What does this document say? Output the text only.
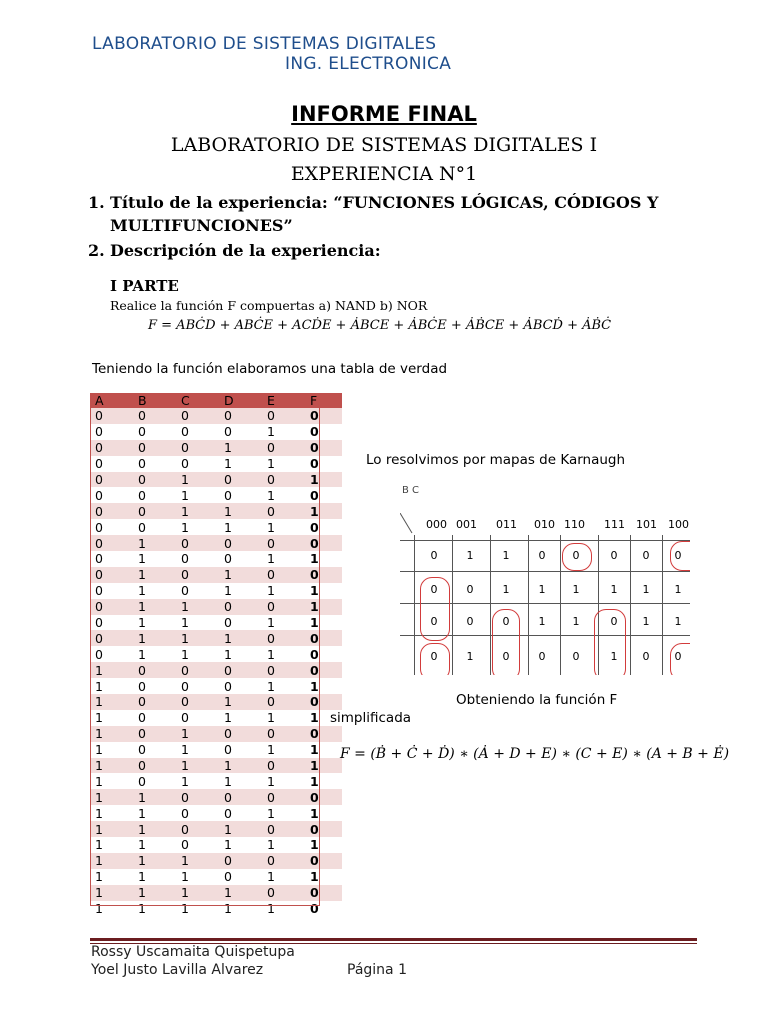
LABORATORIO DE SISTEMAS DIGITALES
ING. ELECTRONICA
INFORME FINAL
LABORATORIO DE SISTEMAS DIGITALES I
EXPERIENCIA N°1
1. Título de la experiencia: “FUNCIONES LÓGICAS, CÓDIGOS Y
MULTIFUNCIONES”
2. Descripción de la experiencia:
I PARTE
Realice la función F compuertas a) NAND b) NOR
F = ABĊD + ABĊE + ACḊE + ȦBCE + ȦBĊE + ȦḂCE + ȦBCḊ + ȦḂĊ
Teniendo la función elaboramos una tabla de verdad
A	B	C	D	E	F
0	0	0	0	0	0
0	0	0	0	1	0
0	0	0	1	0	0
0	0	0	1	1	0
0	0	1	0	0	1
0	0	1	0	1	0
0	0	1	1	0	1
0	0	1	1	1	0
0	1	0	0	0	0
0	1	0	0	1	1
0	1	0	1	0	0
0	1	0	1	1	1
0	1	1	0	0	1
0	1	1	0	1	1
0	1	1	1	0	0
0	1	1	1	1	0
1	0	0	0	0	0
1	0	0	0	1	1
1	0	0	1	0	0
1	0	0	1	1	1
1	0	1	0	0	0
1	0	1	0	1	1
1	0	1	1	0	1
1	0	1	1	1	1
1	1	0	0	0	0
1	1	0	0	1	1
1	1	0	1	0	0
1	1	0	1	1	1
1	1	1	0	0	0
1	1	1	0	1	1
1	1	1	1	0	0
1	1	1	1	1	0
Lo resolvimos por mapas de Karnaugh
B C
000 001 011 010 110 111 101 100
0	1	1	0	0	0	0	0
0	0	1	1	1	1	1	1
0	0	0	1	1	0	1	1
0	1	0	0	0	1	0	0
Obteniendo la función F
simplificada
F = (Ḃ + Ċ + Ḋ) ∗ (Ȧ + D + E) ∗ (C + E) ∗ (A + B + Ė)
Rossy Uscamaita Quispetupa
Yoel Justo Lavilla Alvarez	Página 1
